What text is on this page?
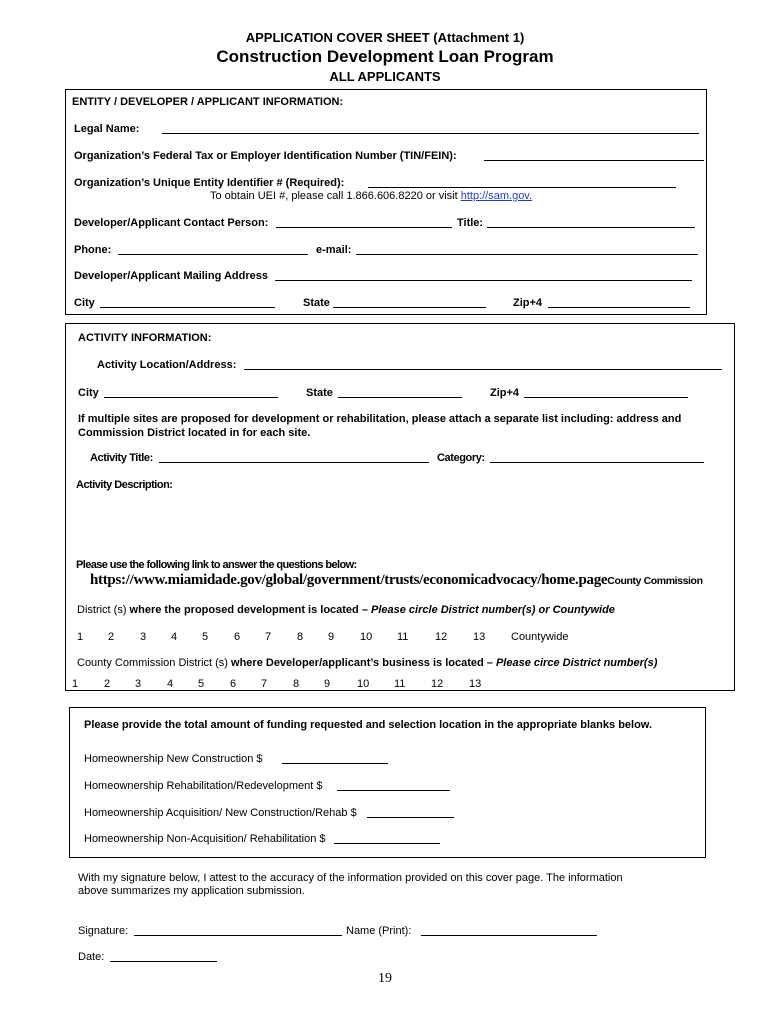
APPLICATION COVER SHEET (Attachment 1)
Construction Development Loan Program
ALL APPLICANTS
ENTITY / DEVELOPER / APPLICANT INFORMATION:
Legal Name:
Organization’s Federal Tax or Employer Identification Number (TIN/FEIN):
Organization’s Unique Entity Identifier # (Required):
To obtain UEI #, please call 1.866.606.8220 or visit http://sam.gov.
Developer/Applicant Contact Person:	Title:
Phone:	e-mail:
Developer/Applicant Mailing Address
City	State	Zip+4
ACTIVITY INFORMATION:
Activity Location/Address:
City	State	Zip+4
If multiple sites are proposed for development or rehabilitation, please attach a separate list including: address and
Commission District located in for each site.
Activity Title:	Category:
Activity Description:
Please use the following link to answer the questions below:
https://www.miamidade.gov/global/government/trusts/economicadvocacy/home.pageCounty Commission
District (s) where the proposed development is located – Please circle District number(s) or Countywide
1 2 3 4 5 6 7 8 9 10 11 12 13 Countywide
County Commission District (s) where Developer/applicant’s business is located – Please circe District number(s)
1 2 3 4 5 6 7 8 9 10 11 12 13
Please provide the total amount of funding requested and selection location in the appropriate blanks below.
Homeownership New Construction $
Homeownership Rehabilitation/Redevelopment $
Homeownership Acquisition/ New Construction/Rehab $
Homeownership Non-Acquisition/ Rehabilitation $
With my signature below, I attest to the accuracy of the information provided on this cover page. The information
above summarizes my application submission.
Signature:	Name (Print):
Date:
19
